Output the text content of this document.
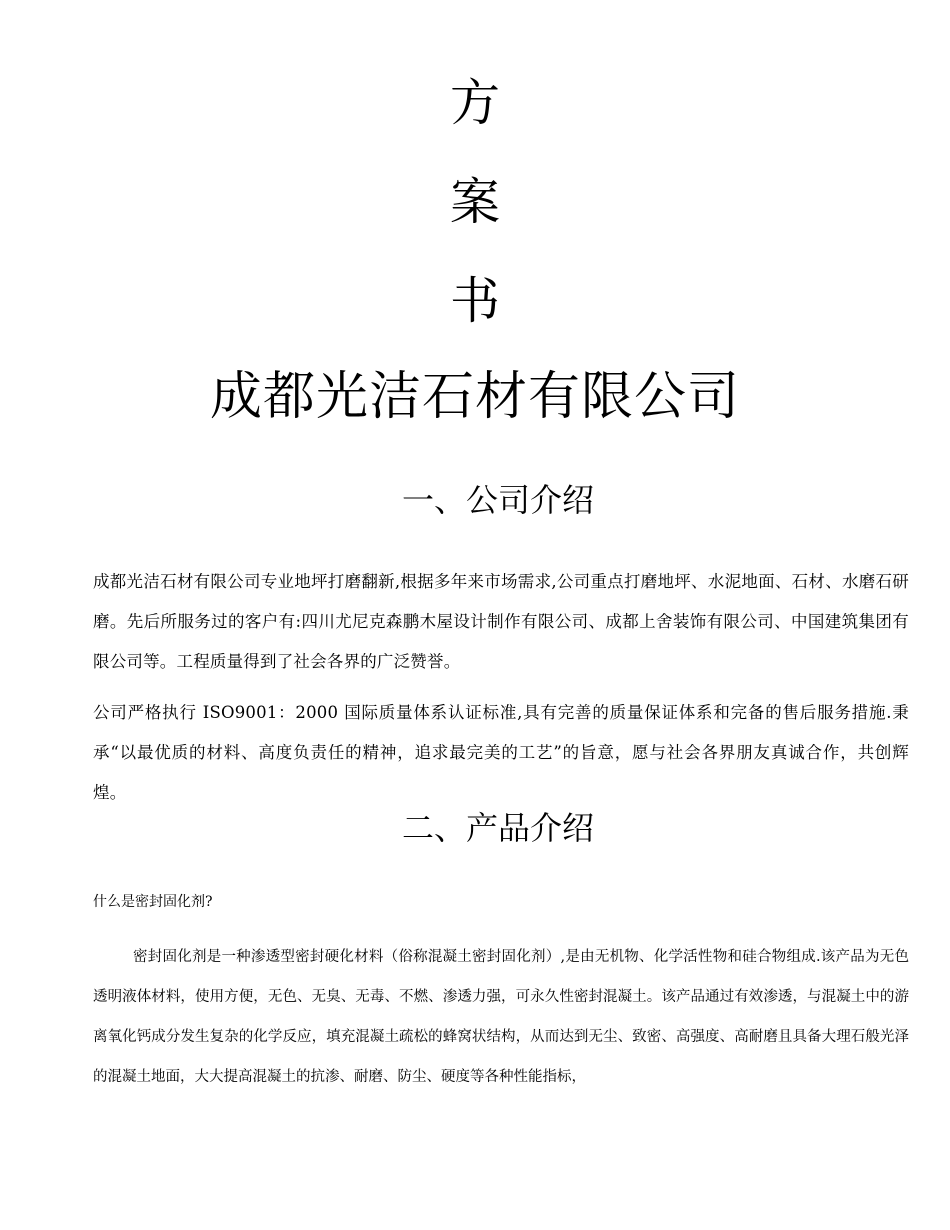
方
案
书
成都光洁石材有限公司
一、公司介绍
成都光洁石材有限公司专业地坪打磨翻新,根据多年来市场需求,公司重点打磨地坪、水泥地面、石材、水磨石研磨。先后所服务过的客户有:四川尤尼克森鹏木屋设计制作有限公司、成都上舍装饰有限公司、中国建筑集团有限公司等。工程质量得到了社会各界的广泛赞誉。
公司严格执行 ISO9001：2000 国际质量体系认证标准,具有完善的质量保证体系和完备的售后服务措施.秉承“以最优质的材料、高度负责任的精神，追求最完美的工艺”的旨意，愿与社会各界朋友真诚合作，共创辉煌。
二、产品介绍
什么是密封固化剂?
密封固化剂是一种渗透型密封硬化材料（俗称混凝土密封固化剂）,是由无机物、化学活性物和硅合物组成.该产品为无色透明液体材料，使用方便，无色、无臭、无毒、不燃、渗透力强，可永久性密封混凝土。该产品通过有效渗透，与混凝土中的游离氧化钙成分发生复杂的化学反应，填充混凝土疏松的蜂窝状结构，从而达到无尘、致密、高强度、高耐磨且具备大理石般光泽的混凝土地面，大大提高混凝土的抗渗、耐磨、防尘、硬度等各种性能指标，
